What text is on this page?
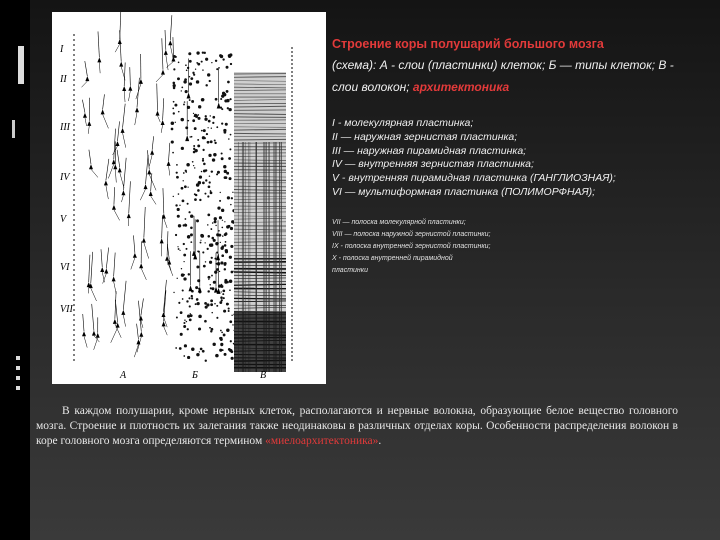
I
II
III
IV
V
VI
VII
А	Б	В
Строение коры полушарий большого мозга
(схема): А - слои (пластинки) клеток; Б — типы клеток; В - слои волокон; архитектоника
I - молекулярная пластинка;
II — наружная зернистая пластинка;
III — наружная пирамидная пластинка;
IV — внутренняя зернистая пластинка;
V - внутренняя пирамидная пластинка (ГАНГЛИОЗНАЯ);
VI — мультиформная пластинка (ПОЛИМОРФНАЯ);
VII — полоска молекулярной пластинки;
VIII — полоска наружной зернистой пластинки;
IX - полоска внутренней зернистой пластинки;
X - полоска внутренней пирамидной
пластинки

В каждом полушарии, кроме нервных клеток, располагаются и нервные волокна, образующие белое вещество головного мозга. Строение и плотность их залегания также неодинаковы в различных отделах коры. Особенности распределения волокон в коре головного мозга определяются термином «миелоархитектоника».
